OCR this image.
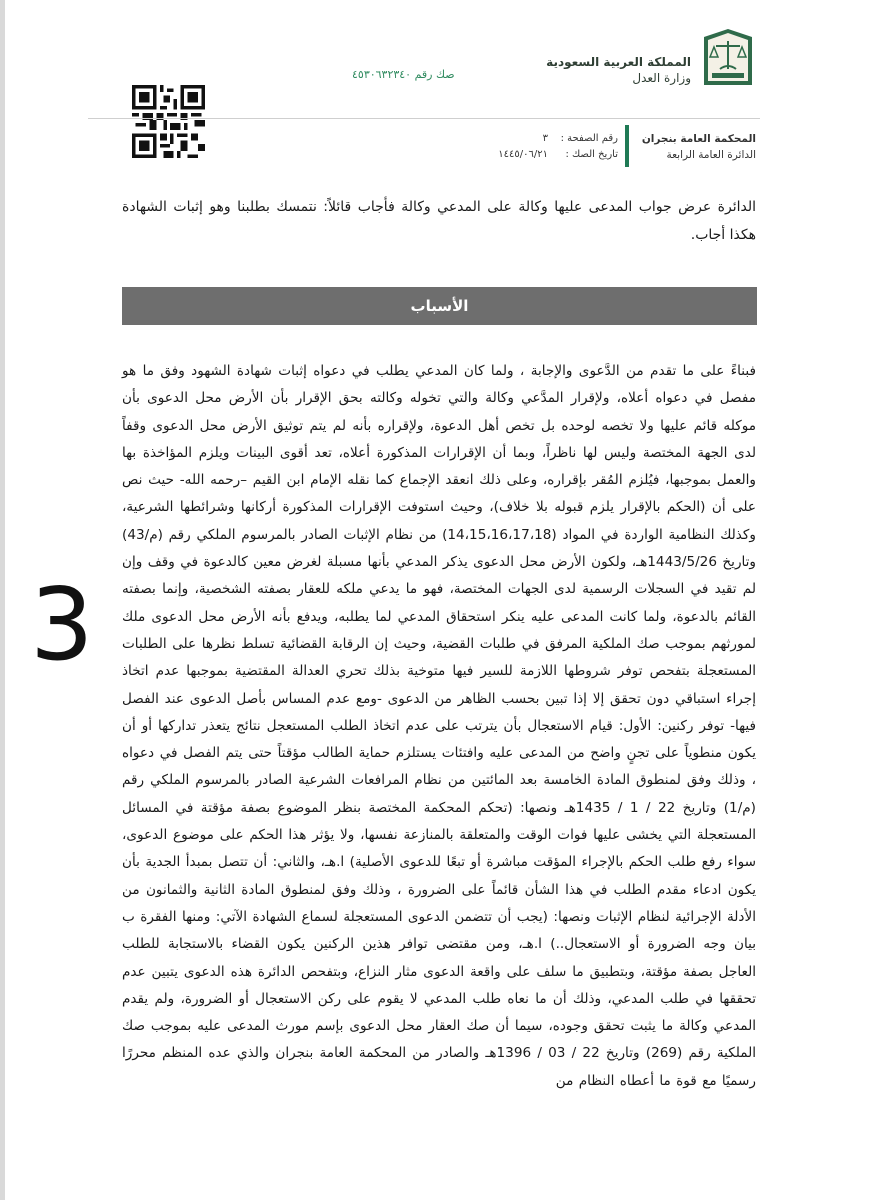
المملكة العربية السعودية
وزارة العدل
صك رقم ٤٥٣٠٦٣٢٣٤٠
المحكمة العامة بنجران
الدائرة العامة الرابعة
رقم الصفحة :
٣
تاريخ الصك :
١٤٤٥/٠٦/٢١

الدائرة عرض جواب المدعى عليها وكالة على المدعي وكالة فأجاب قائلاً: نتمسك بطلبنا وهو إثبات الشهادة هكذا أجاب.

الأسباب

فبناءً على ما تقدم من الدَّعوى والإجابة ، ولما كان المدعي يطلب في دعواه إثبات شهادة الشهود وفق ما هو مفصل في دعواه أعلاه، ولإقرار المدَّعي وكالة والتي تخوله وكالته بحق الإقرار بأن الأرض محل الدعوى بأن موكله قائم عليها ولا تخصه لوحده بل تخص أهل الدعوة، ولإقراره بأنه لم يتم توثيق الأرض محل الدعوى وقفاً لدى الجهة المختصة وليس لها ناظراً، وبما أن الإقرارات المذكورة أعلاه، تعد أقوى البينات ويلزم المؤاخذة بها والعمل بموجبها، فيُلزم المُقر بإقراره، وعلى ذلك انعقد الإجماع كما نقله الإمام ابن القيم –رحمه الله- حيث نص على أن (الحكم بالإقرار يلزم قبوله بلا خلاف)، وحيث استوفت الإقرارات المذكورة أركانها وشرائطها الشرعية، وكذلك النظامية الواردة في المواد (14،15،16،17،18) من نظام الإثبات الصادر بالمرسوم الملكي رقم (م/43) وتاريخ 1443/5/26هـ، ولكون الأرض محل الدعوى يذكر المدعي بأنها مسبلة لغرض معين كالدعوة في وقف وإن لم تقيد في السجلات الرسمية لدى الجهات المختصة، فهو ما يدعي ملكه للعقار بصفته الشخصية، وإنما بصفته القائم بالدعوة، ولما كانت المدعى عليه ينكر استحقاق المدعي لما يطلبه، ويدفع بأنه الأرض محل الدعوى ملك لمورثهم بموجب صك الملكية المرفق في طلبات القضية، وحيث إن الرقابة القضائية تسلط نظرها على الطلبات المستعجلة بتفحص توفر شروطها اللازمة للسير فيها متوخية بذلك تحري العدالة المقتضية بموجبها عدم اتخاذ إجراء استباقي دون تحقق إلا إذا تبين بحسب الظاهر من الدعوى -ومع عدم المساس بأصل الدعوى عند الفصل فيها- توفر ركنين: الأول: قيام الاستعجال بأن يترتب على عدم اتخاذ الطلب المستعجل نتائج يتعذر تداركها أو أن يكون منطوياً على تجنٍ واضح من المدعى عليه وافتئات يستلزم حماية الطالب مؤقتاً حتى يتم الفصل في دعواه ، وذلك وفق لمنطوق المادة الخامسة بعد المائتين من نظام المرافعات الشرعية الصادر بالمرسوم الملكي رقم (م/1) وتاريخ 22 / 1 / 1435هـ ونصها: (تحكم المحكمة المختصة بنظر الموضوع بصفة مؤقتة في المسائل المستعجلة التي يخشى عليها فوات الوقت والمتعلقة بالمنازعة نفسها، ولا يؤثر هذا الحكم على موضوع الدعوى، سواء رفع طلب الحكم بالإجراء المؤقت مباشرة أو تبعًا للدعوى الأصلية) ا.هـ، والثاني: أن تتصل بمبدأ الجدية بأن يكون ادعاء مقدم الطلب في هذا الشأن قائماً على الضرورة ، وذلك وفق لمنطوق المادة الثانية والثمانون من الأدلة الإجرائية لنظام الإثبات ونصها: (يجب أن تتضمن الدعوى المستعجلة لسماع الشهادة الآتي: ومنها الفقرة ب بيان وجه الضرورة أو الاستعجال..) ا.هـ، ومن مقتضى توافر هذين الركنين يكون القضاء بالاستجابة للطلب العاجل بصفة مؤقتة، وبتطبيق ما سلف على واقعة الدعوى مثار النزاع، وبتفحص الدائرة هذه الدعوى يتبين عدم تحققها في طلب المدعي، وذلك أن ما نعاه طلب المدعي لا يقوم على ركن الاستعجال أو الضرورة، ولم يقدم المدعي وكالة ما يثبت تحقق وجوده، سيما أن صك العقار محل الدعوى بإسم مورث المدعى عليه بموجب صك الملكية رقم (269) وتاريخ 22 / 03 / 1396هـ والصادر من المحكمة العامة بنجران والذي عده المنظم محررًا رسميًا مع قوة ما أعطاه النظام من

3
